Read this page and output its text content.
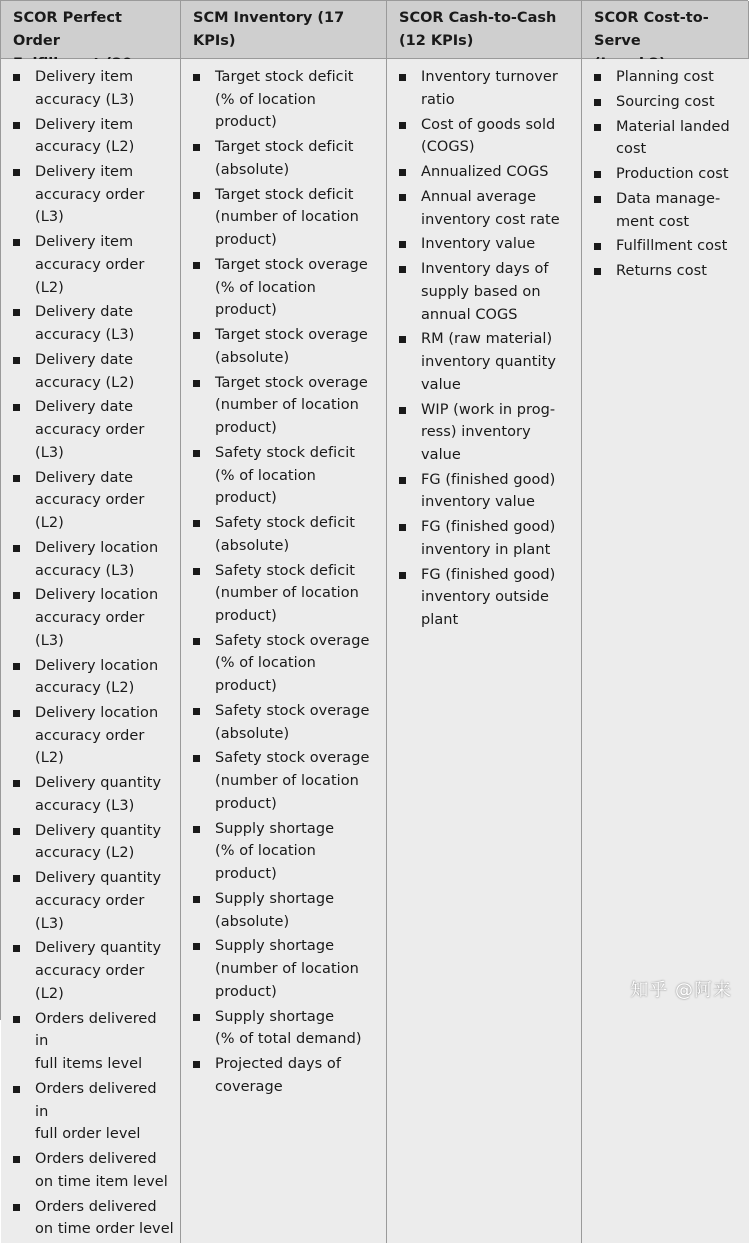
SCOR Perfect Order

SCM Inventory (17 KPIs)
SCOR Cash-to-Cash
(12 KPIs)
SCOR Cost-to-Serve

Delivery item
accuracy (L3)
Delivery item
accuracy (L2)
Delivery item
accuracy order (L3)
Delivery item
accuracy order (L2)
Delivery date
accuracy (L3)
Delivery date
accuracy (L2)
Delivery date
accuracy order (L3)
Delivery date
accuracy order (L2)
Delivery location
accuracy (L3)
Delivery location
accuracy order (L3)
Delivery location
accuracy (L2)
Delivery location
accuracy order (L2)
Delivery quantity
accuracy (L3)
Delivery quantity
accuracy (L2)
Delivery quantity
accuracy order (L3)
Delivery quantity
accuracy order (L2)
Orders delivered in
full items level
Orders delivered in
full order level
Orders delivered
on time item level
Orders delivered
on time order level
Target stock deficit
(% of location product)
Target stock deficit
(absolute)
Target stock deficit
(number of location
product)
Target stock overage
(% of location product)
Target stock overage
(absolute)
Target stock overage
(number of location
product)
Safety stock deficit
(% of location product)
Safety stock deficit
(absolute)
Safety stock deficit
(number of location
product)
Safety stock overage
(% of location product)
Safety stock overage
(absolute)
Safety stock overage
(number of location
product)
Supply shortage
(% of location product)
Supply shortage
(absolute)
Supply shortage
(number of location
product)
Supply shortage
(% of total demand)
Projected days of
coverage
Inventory turnover
ratio
Cost of goods sold
(COGS)
Annualized COGS
Annual average
inventory cost rate
Inventory value
Inventory days of
supply based on
annual COGS
RM (raw material)
inventory quantity
value
WIP (work in prog-
ress) inventory value
FG (finished good)
inventory value
FG (finished good)
inventory in plant
FG (finished good)
inventory outside
plant
Planning cost
Sourcing cost
Material landed
cost
Production cost
Data manage-
ment cost
Fulfillment cost
Returns cost
知乎 @阿来
